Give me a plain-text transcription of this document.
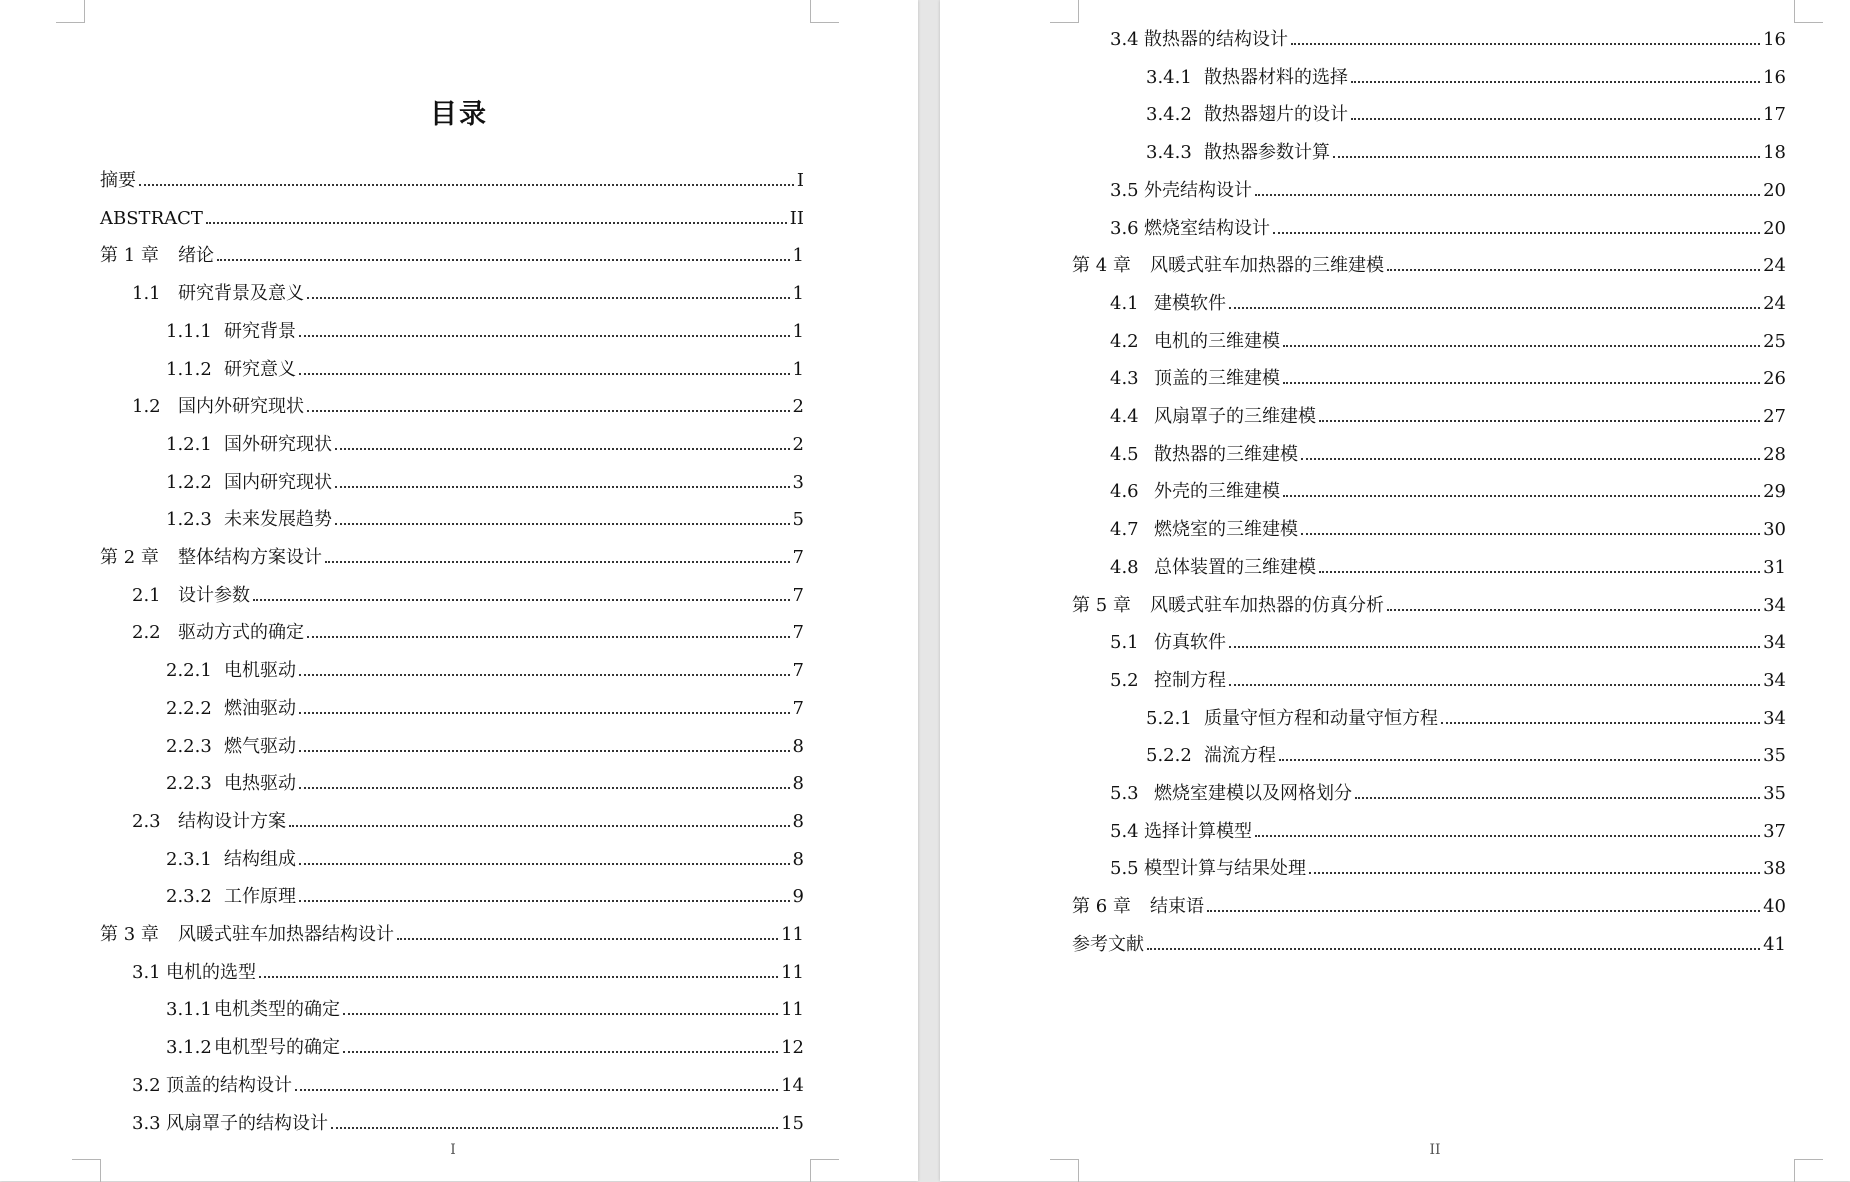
目录
摘要	I
ABSTRACT	II
第 1 章	绪论	1
1.1 研究背景及意义	1
1.1.1 研究背景	1
1.1.2 研究意义	1
1.2 国内外研究现状	2
1.2.1 国外研究现状	2
1.2.2 国内研究现状	3
1.2.3 未来发展趋势	5
第 2 章	整体结构方案设计	7
2.1 设计参数	7
2.2 驱动方式的确定	7
2.2.1 电机驱动	7
2.2.2 燃油驱动	7
2.2.3 燃气驱动	8
2.2.3 电热驱动	8
2.3 结构设计方案	8
2.3.1 结构组成	8
2.3.2 工作原理	9
第 3 章	风暖式驻车加热器结构设计	11
3.1 电机的选型	11
3.1.1 电机类型的确定	11
3.1.2 电机型号的确定	12
3.2 顶盖的结构设计	14
3.3 风扇罩子的结构设计	15
I
3.4 散热器的结构设计	16
3.4.1 散热器材料的选择	16
3.4.2 散热器翅片的设计	17
3.4.3 散热器参数计算	18
3.5 外壳结构设计	20
3.6 燃烧室结构设计	20
第 4 章	风暖式驻车加热器的三维建模	24
4.1 建模软件	24
4.2 电机的三维建模	25
4.3 顶盖的三维建模	26
4.4 风扇罩子的三维建模	27
4.5 散热器的三维建模	28
4.6 外壳的三维建模	29
4.7 燃烧室的三维建模	30
4.8 总体装置的三维建模	31
第 5 章	风暖式驻车加热器的仿真分析	34
5.1 仿真软件	34
5.2 控制方程	34
5.2.1 质量守恒方程和动量守恒方程	34
5.2.2 湍流方程	35
5.3 燃烧室建模以及网格划分	35
5.4 选择计算模型	37
5.5 模型计算与结果处理	38
第 6 章	结束语	40
参考文献	41
II
